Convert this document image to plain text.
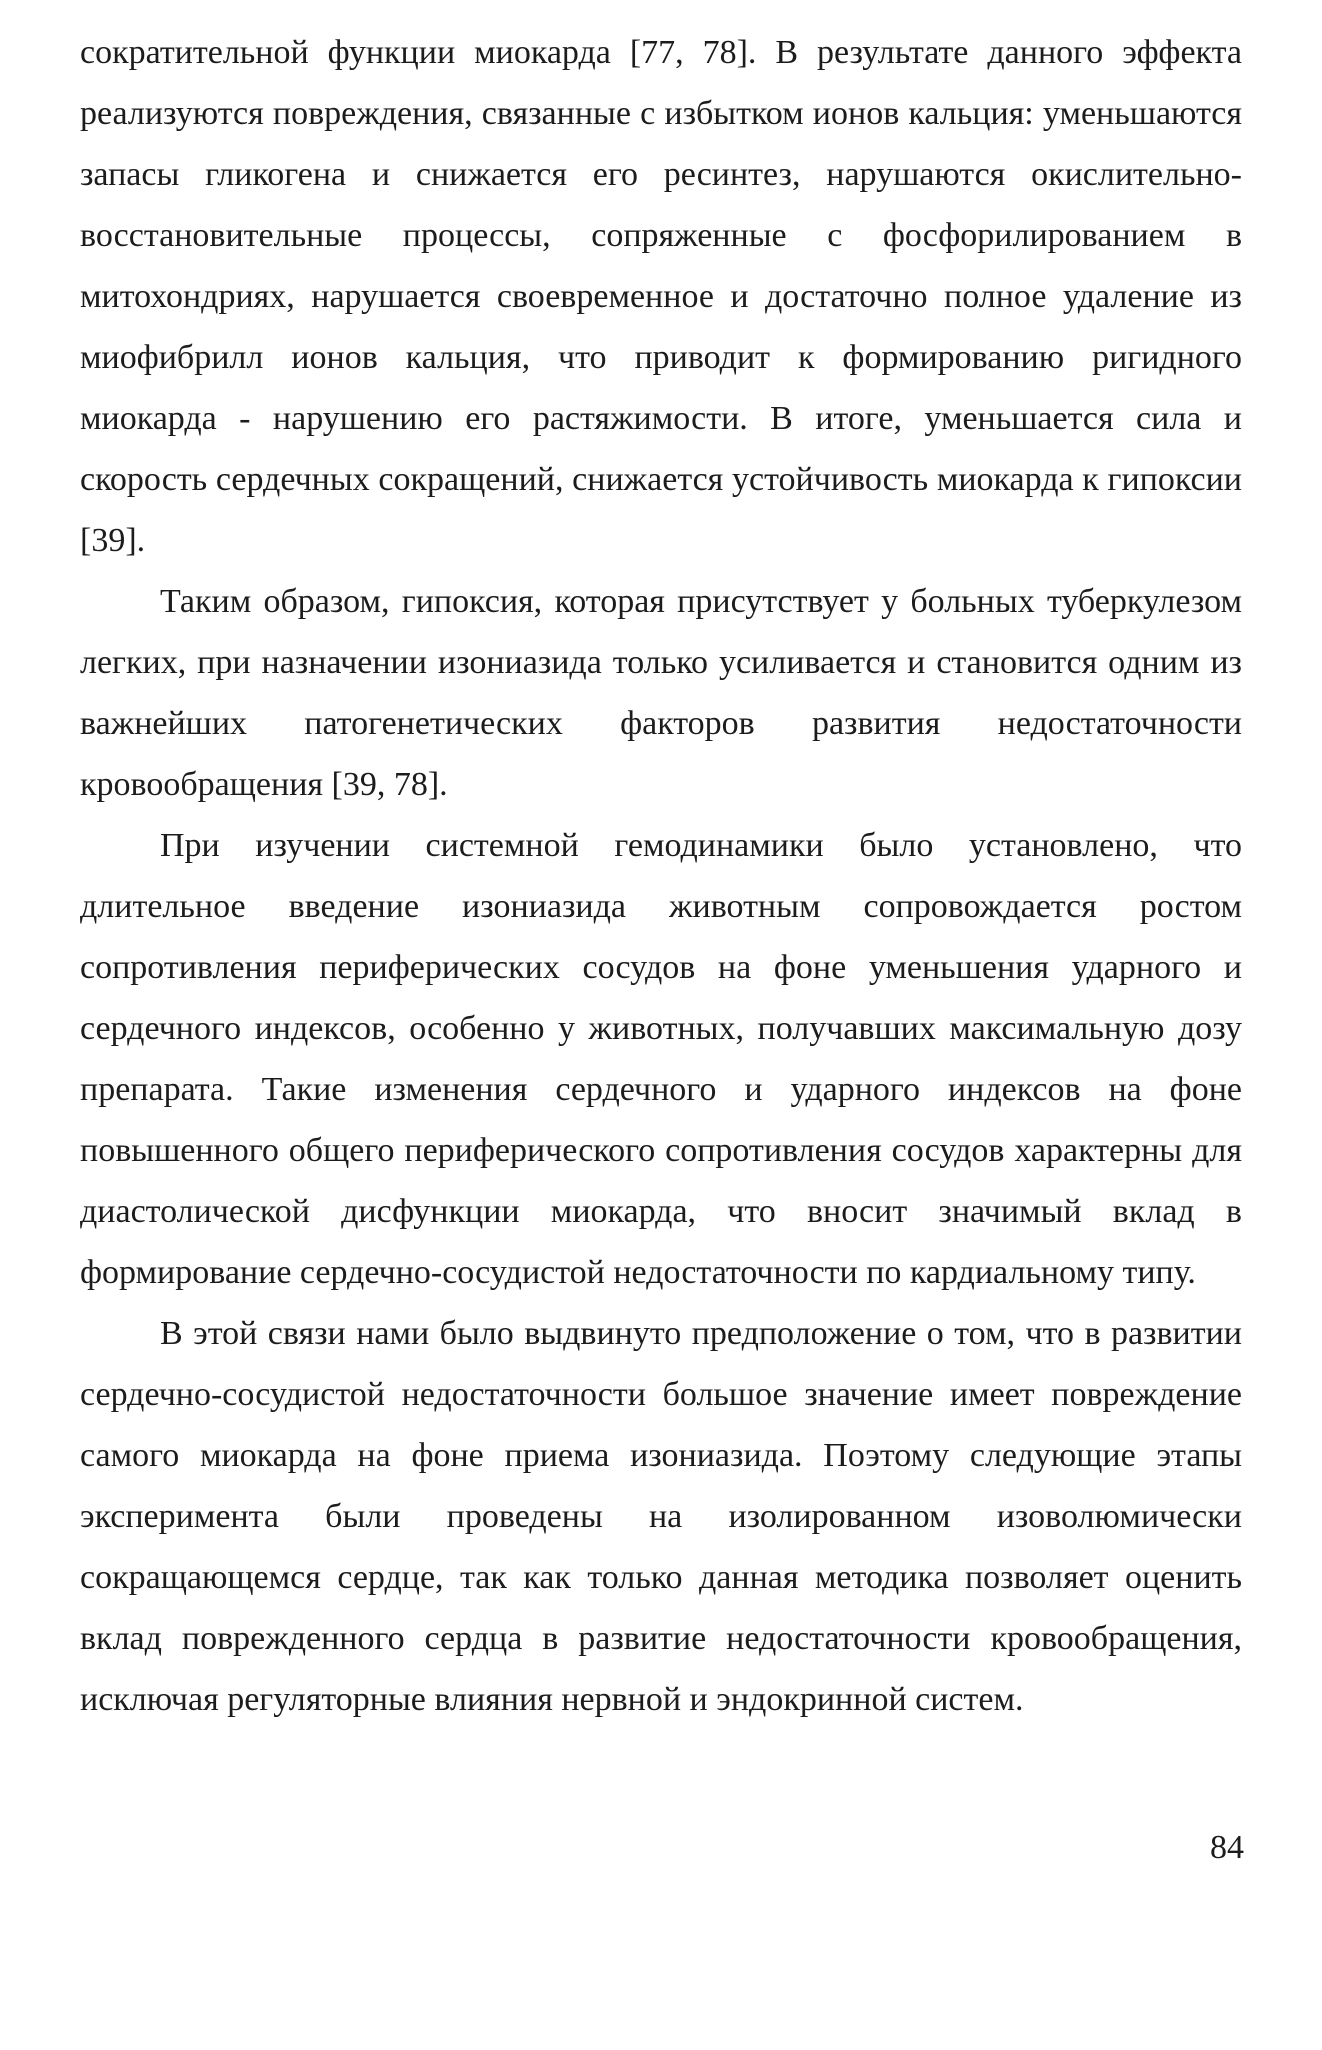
сократительной функции миокарда [77, 78]. В результате данного эффекта реализуются повреждения, связанные с избытком ионов кальция: уменьшаются запасы гликогена и снижается его ресинтез, нарушаются окислительно-восстановительные процессы, сопряженные с фосфорилированием в митохондриях, нарушается своевременное и достаточно полное удаление из миофибрилл ионов кальция, что приводит к формированию ригидного миокарда - нарушению его растяжимости. В итоге, уменьшается сила и скорость сердечных сокращений, снижается устойчивость миокарда к гипоксии [39].

Таким образом, гипоксия, которая присутствует у больных туберкулезом легких, при назначении изониазида только усиливается и становится одним из важнейших патогенетических факторов развития недостаточности кровообращения [39, 78].

При изучении системной гемодинамики было установлено, что длительное введение изониазида животным сопровождается ростом сопротивления периферических сосудов на фоне уменьшения ударного и сердечного индексов, особенно у животных, получавших максимальную дозу препарата. Такие изменения сердечного и ударного индексов на фоне повышенного общего периферического сопротивления сосудов характерны для диастолической дисфункции миокарда, что вносит значимый вклад в формирование сердечно-сосудистой недостаточности по кардиальному типу.

В этой связи нами было выдвинуто предположение о том, что в развитии сердечно-сосудистой недостаточности большое значение имеет повреждение самого миокарда на фоне приема изониазида. Поэтому следующие этапы эксперимента были проведены на изолированном изоволюмически сокращающемся сердце, так как только данная методика позволяет оценить вклад поврежденного сердца в развитие недостаточности кровообращения, исключая регуляторные влияния нервной и эндокринной систем.

84
